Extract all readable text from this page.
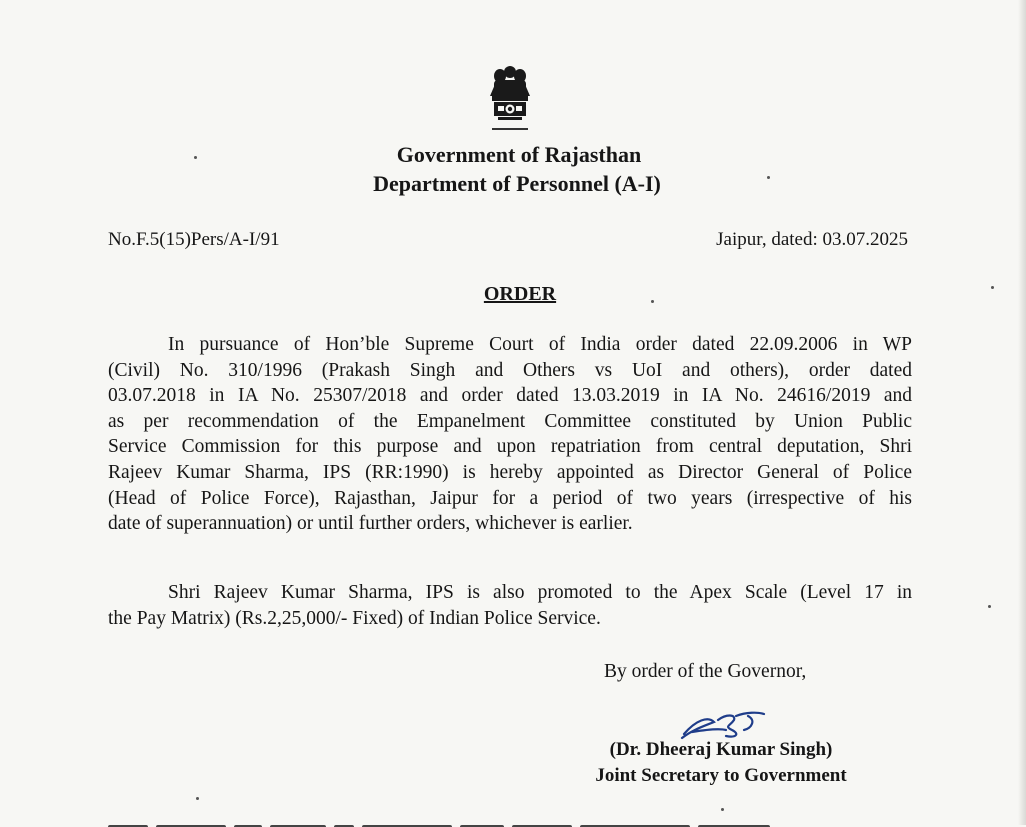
Government of Rajasthan
Department of Personnel (A-I)
No.F.5(15)Pers/A-I/91	Jaipur, dated: 03.07.2025
ORDER
In pursuance of Hon’ble Supreme Court of India order dated 22.09.2006 in WP
(Civil) No. 310/1996 (Prakash Singh and Others vs UoI and others), order dated
03.07.2018 in IA No. 25307/2018 and order dated 13.03.2019 in IA No. 24616/2019 and
as per recommendation of the Empanelment Committee constituted by Union Public
Service Commission for this purpose and upon repatriation from central deputation, Shri
Rajeev Kumar Sharma, IPS (RR:1990) is hereby appointed as Director General of Police
(Head of Police Force), Rajasthan, Jaipur for a period of two years (irrespective of his
date of superannuation) or until further orders, whichever is earlier.
Shri Rajeev Kumar Sharma, IPS is also promoted to the Apex Scale (Level 17 in
the Pay Matrix) (Rs.2,25,000/- Fixed) of Indian Police Service.
By order of the Governor,
(Dr. Dheeraj Kumar Singh)
Joint Secretary to Government
